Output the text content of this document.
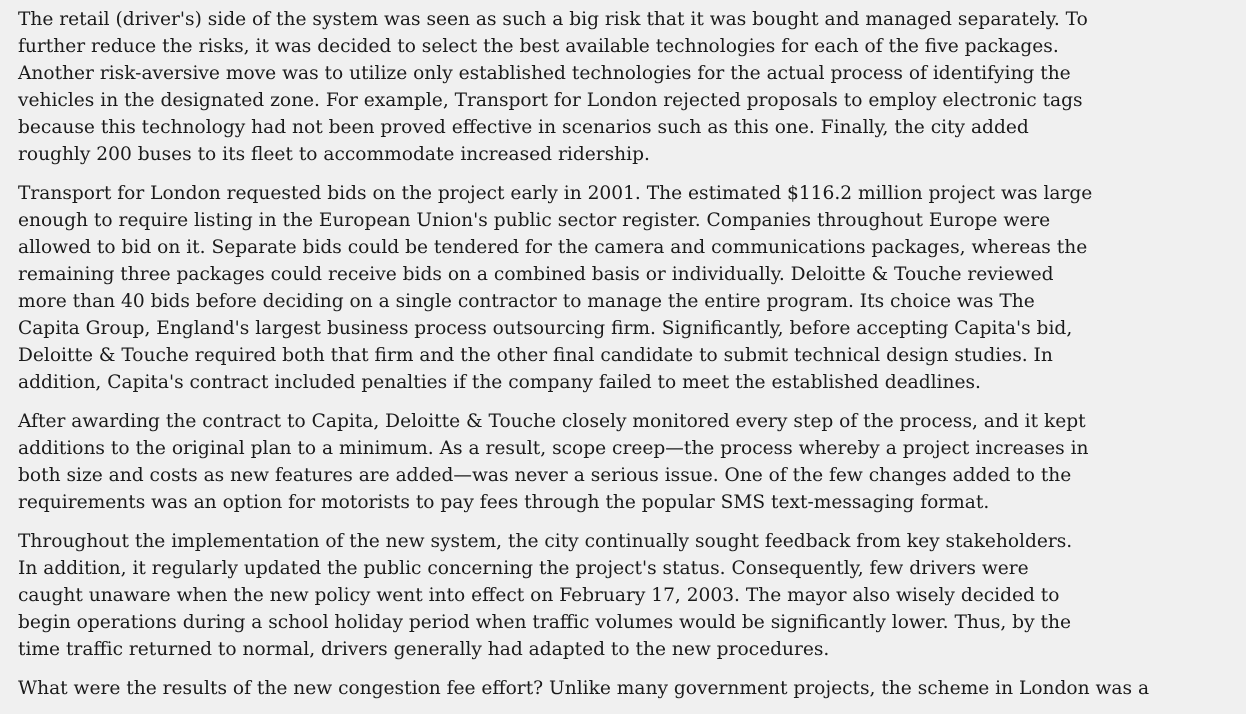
The retail (driver's) side of the system was seen as such a big risk that it was bought and managed separately. To
further reduce the risks, it was decided to select the best available technologies for each of the five packages.
Another risk-aversive move was to utilize only established technologies for the actual process of identifying the
vehicles in the designated zone. For example, Transport for London rejected proposals to employ electronic tags
because this technology had not been proved effective in scenarios such as this one. Finally, the city added
roughly 200 buses to its fleet to accommodate increased ridership.

Transport for London requested bids on the project early in 2001. The estimated $116.2 million project was large
enough to require listing in the European Union's public sector register. Companies throughout Europe were
allowed to bid on it. Separate bids could be tendered for the camera and communications packages, whereas the
remaining three packages could receive bids on a combined basis or individually. Deloitte & Touche reviewed
more than 40 bids before deciding on a single contractor to manage the entire program. Its choice was The
Capita Group, England's largest business process outsourcing firm. Significantly, before accepting Capita's bid,
Deloitte & Touche required both that firm and the other final candidate to submit technical design studies. In
addition, Capita's contract included penalties if the company failed to meet the established deadlines.

After awarding the contract to Capita, Deloitte & Touche closely monitored every step of the process, and it kept
additions to the original plan to a minimum. As a result, scope creep—the process whereby a project increases in
both size and costs as new features are added—was never a serious issue. One of the few changes added to the
requirements was an option for motorists to pay fees through the popular SMS text-messaging format.

Throughout the implementation of the new system, the city continually sought feedback from key stakeholders.
In addition, it regularly updated the public concerning the project's status. Consequently, few drivers were
caught unaware when the new policy went into effect on February 17, 2003. The mayor also wisely decided to
begin operations during a school holiday period when traffic volumes would be significantly lower. Thus, by the
time traffic returned to normal, drivers generally had adapted to the new procedures.

What were the results of the new congestion fee effort? Unlike many government projects, the scheme in London was a
